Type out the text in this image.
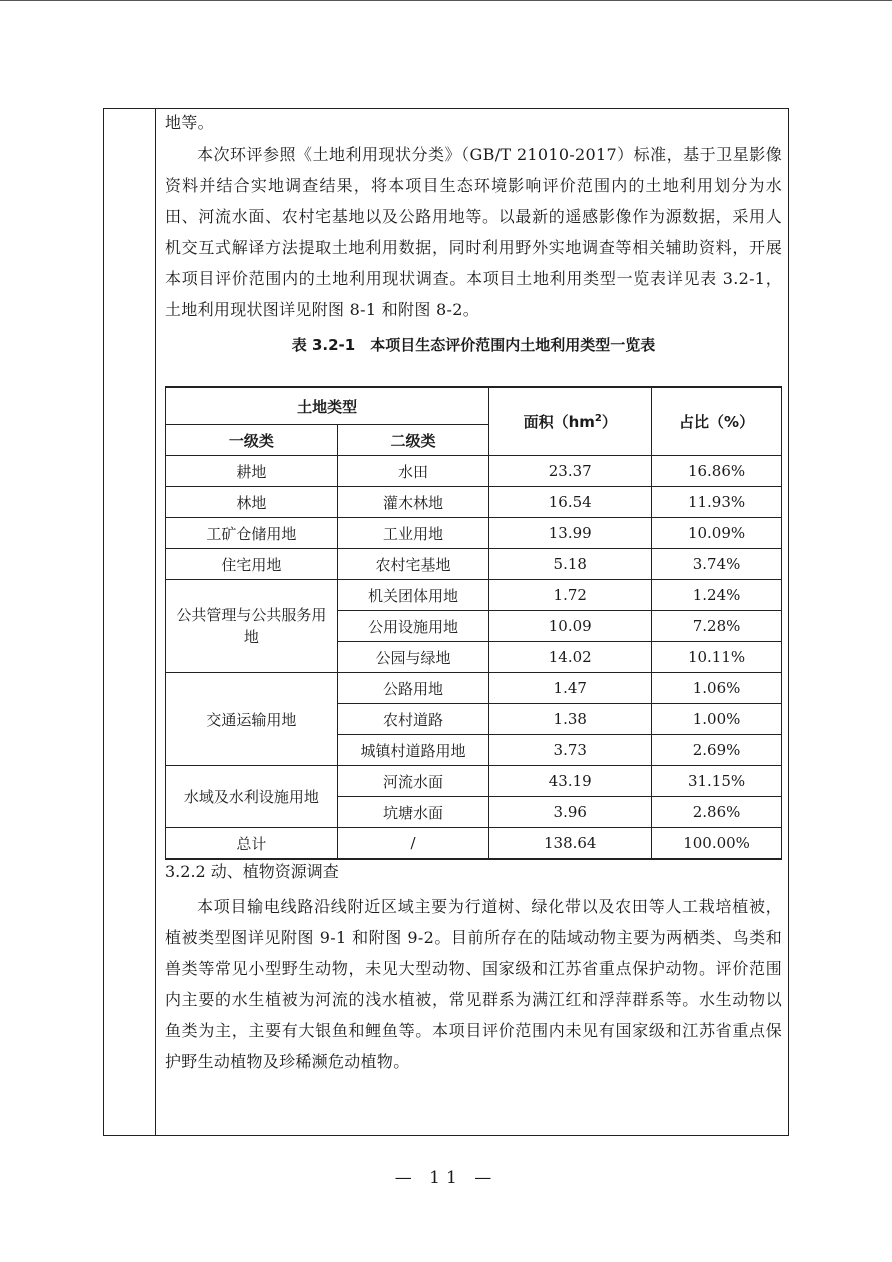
地等。

本次环评参照《土地利用现状分类》（GB/T 21010-2017）标准，基于卫星影像资料并结合实地调查结果，将本项目生态环境影响评价范围内的土地利用划分为水田、河流水面、农村宅基地以及公路用地等。以最新的遥感影像作为源数据，采用人机交互式解译方法提取土地利用数据，同时利用野外实地调查等相关辅助资料，开展本项目评价范围内的土地利用现状调查。本项目土地利用类型一览表详见表 3.2-1，土地利用现状图详见附图 8-1 和附图 8-2。

表 3.2-1　本项目生态评价范围内土地利用类型一览表

土地类型		面积$(hm^2)$	占比（%）
一级类	二级类		
耕地	水田	23.37	16.86%
林地	灌木林地	16.54	11.93%
工矿仓储用地	工业用地	13.99	10.09%
住宅用地	农村宅基地	5.18	3.74%
公共管理与公共服务用地	机关团体用地	1.72	1.24%
	公用设施用地	10.09	7.28%
	公园与绿地	14.02	10.11%
交通运输用地	公路用地	1.47	1.06%
	农村道路	1.38	1.00%
	城镇村道路用地	3.73	2.69%
水域及水利设施用地	河流水面	43.19	31.15%
	坑塘水面	3.96	2.86%
总计	/	138.64	100.00%

3.2.2 动、植物资源调查

本项目输电线路沿线附近区域主要为行道树、绿化带以及农田等人工栽培植被，植被类型图详见附图 9-1 和附图 9-2。目前所存在的陆域动物主要为两栖类、鸟类和兽类等常见小型野生动物，未见大型动物、国家级和江苏省重点保护动物。评价范围内主要的水生植被为河流的浅水植被，常见群系为满江红和浮萍群系等。水生动物以鱼类为主，主要有大银鱼和鲤鱼等。本项目评价范围内未见有国家级和江苏省重点保护野生动植物及珍稀濒危动植物。

— 11 —
